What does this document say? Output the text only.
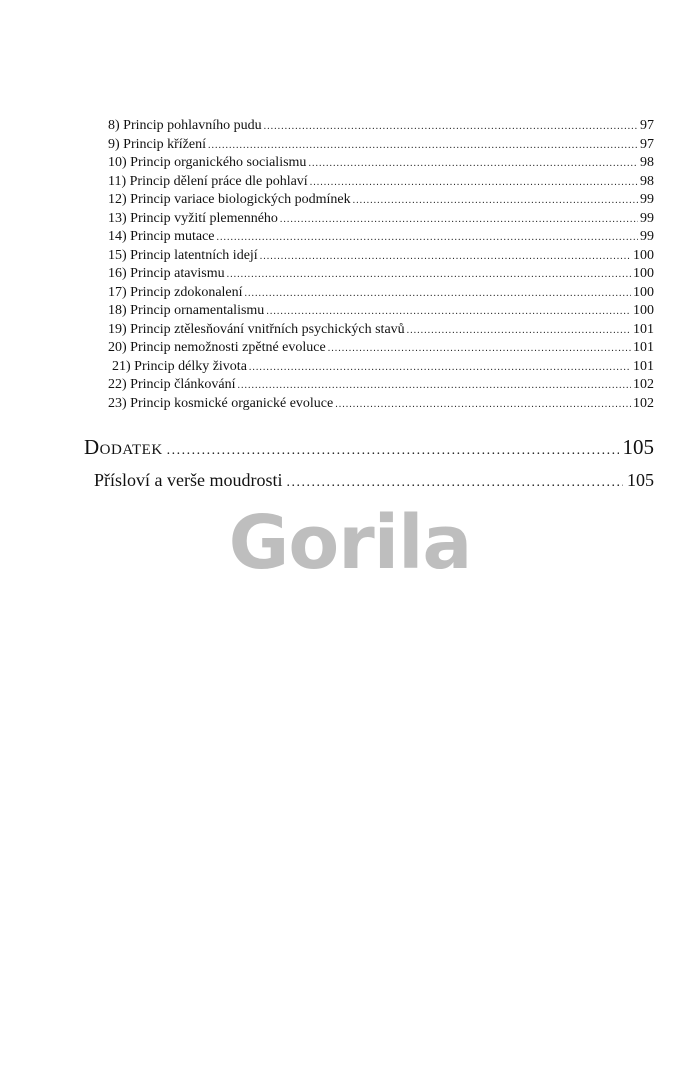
8) Princip pohlavního pudu .....	97
9) Princip křížení .....	97
10) Princip organického socialismu .....	98
11) Princip dělení práce dle pohlaví .....	98
12) Princip variace biologických podmínek .....	99
13) Princip vyžití plemenného .....	99
14) Princip mutace .....	99
15) Princip latentních idejí .....	100
16) Princip atavismu .....	100
17) Princip zdokonalení .....	100
18) Princip ornamentalismu .....	100
19) Princip ztělesňování vnitřních psychických stavů .....	101
20) Princip nemožnosti zpětné evoluce .....	101
21) Princip délky života .....	101
22) Princip článkování .....	102
23) Princip kosmické organické evoluce .....	102
Dodatek .....	105
Přísloví a verše moudrosti .....	105
Gorila
